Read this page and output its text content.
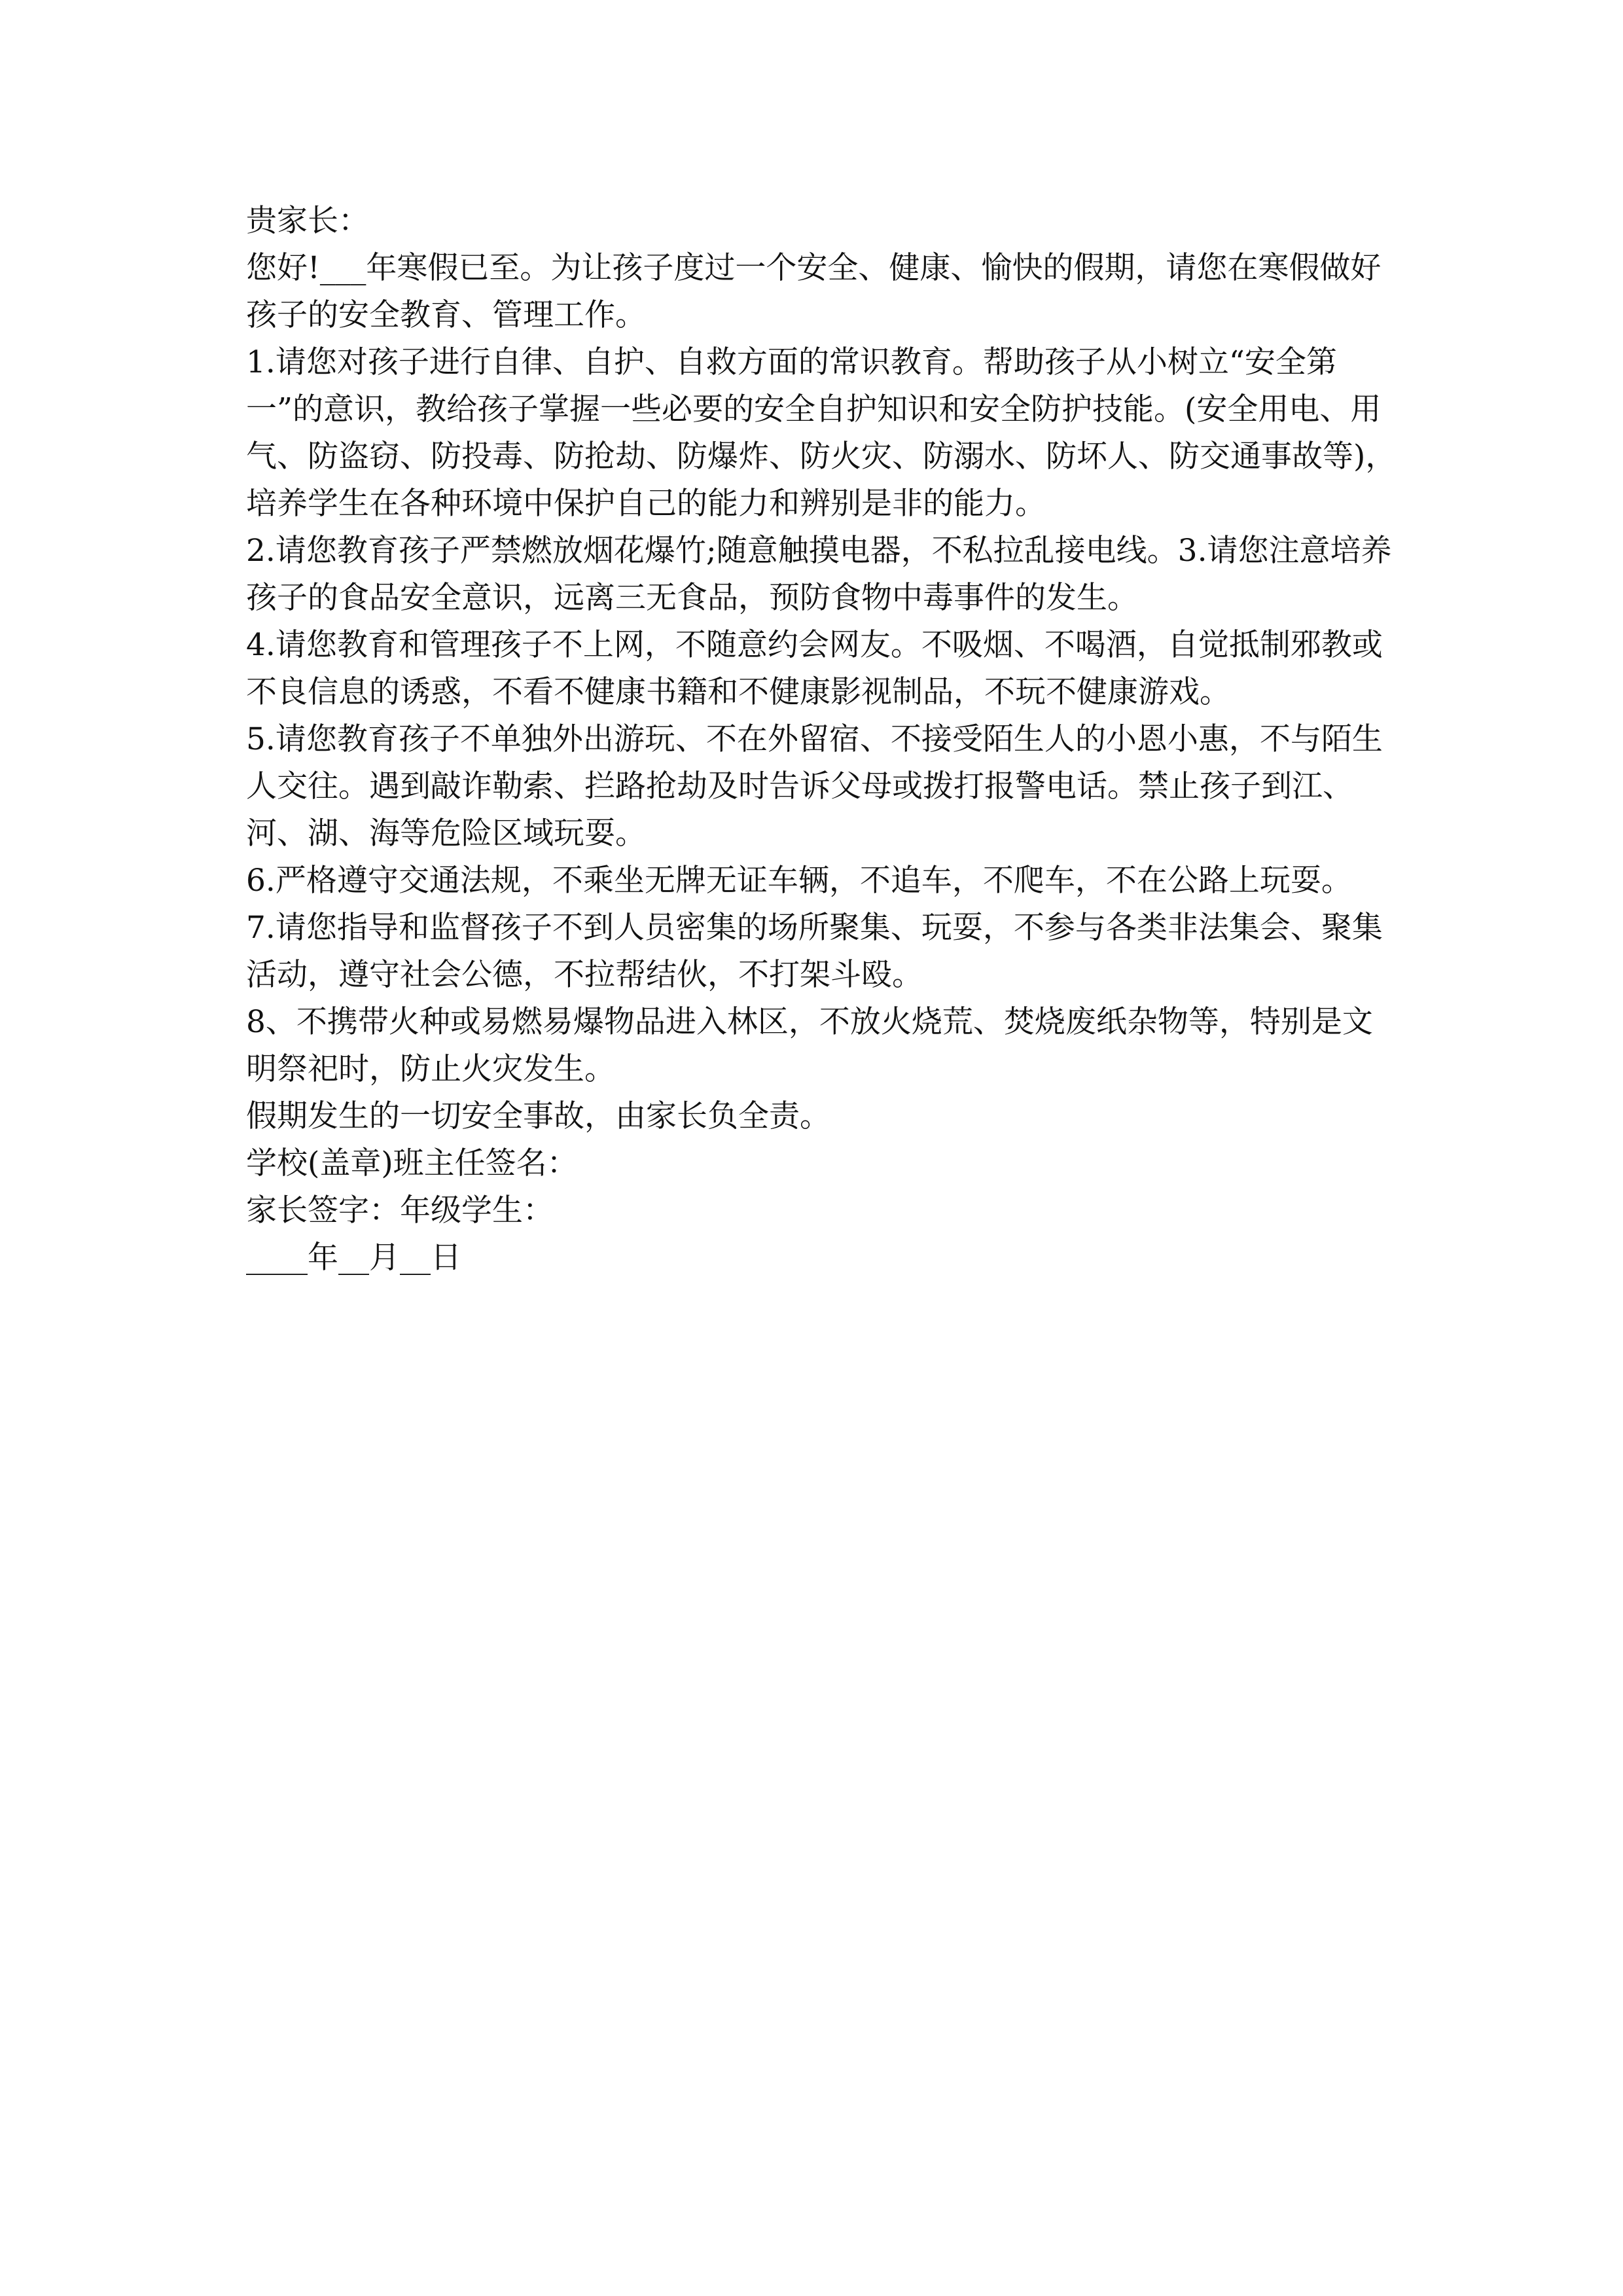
贵家长：

您好!___年寒假已至。为让孩子度过一个安全、健康、愉快的假期，请您在寒假做好孩子的安全教育、管理工作。

1.请您对孩子进行自律、自护、自救方面的常识教育。帮助孩子从小树立“安全第一”的意识，教给孩子掌握一些必要的安全自护知识和安全防护技能。(安全用电、用气、防盗窃、防投毒、防抢劫、防爆炸、防火灾、防溺水、防坏人、防交通事故等)，培养学生在各种环境中保护自己的能力和辨别是非的能力。

2.请您教育孩子严禁燃放烟花爆竹;随意触摸电器，不私拉乱接电线。3.请您注意培养孩子的食品安全意识，远离三无食品，预防食物中毒事件的发生。

4.请您教育和管理孩子不上网，不随意约会网友。不吸烟、不喝酒，自觉抵制邪教或不良信息的诱惑，不看不健康书籍和不健康影视制品，不玩不健康游戏。

5.请您教育孩子不单独外出游玩、不在外留宿、不接受陌生人的小恩小惠，不与陌生人交往。遇到敲诈勒索、拦路抢劫及时告诉父母或拨打报警电话。禁止孩子到江、河、湖、海等危险区域玩耍。

6.严格遵守交通法规，不乘坐无牌无证车辆，不追车，不爬车，不在公路上玩耍。

7.请您指导和监督孩子不到人员密集的场所聚集、玩耍，不参与各类非法集会、聚集活动，遵守社会公德，不拉帮结伙，不打架斗殴。

8、不携带火种或易燃易爆物品进入林区，不放火烧荒、焚烧废纸杂物等，特别是文明祭祀时，防止火灾发生。

假期发生的一切安全事故，由家长负全责。

学校(盖章)班主任签名：

家长签字：年级学生：

____年__月__日
